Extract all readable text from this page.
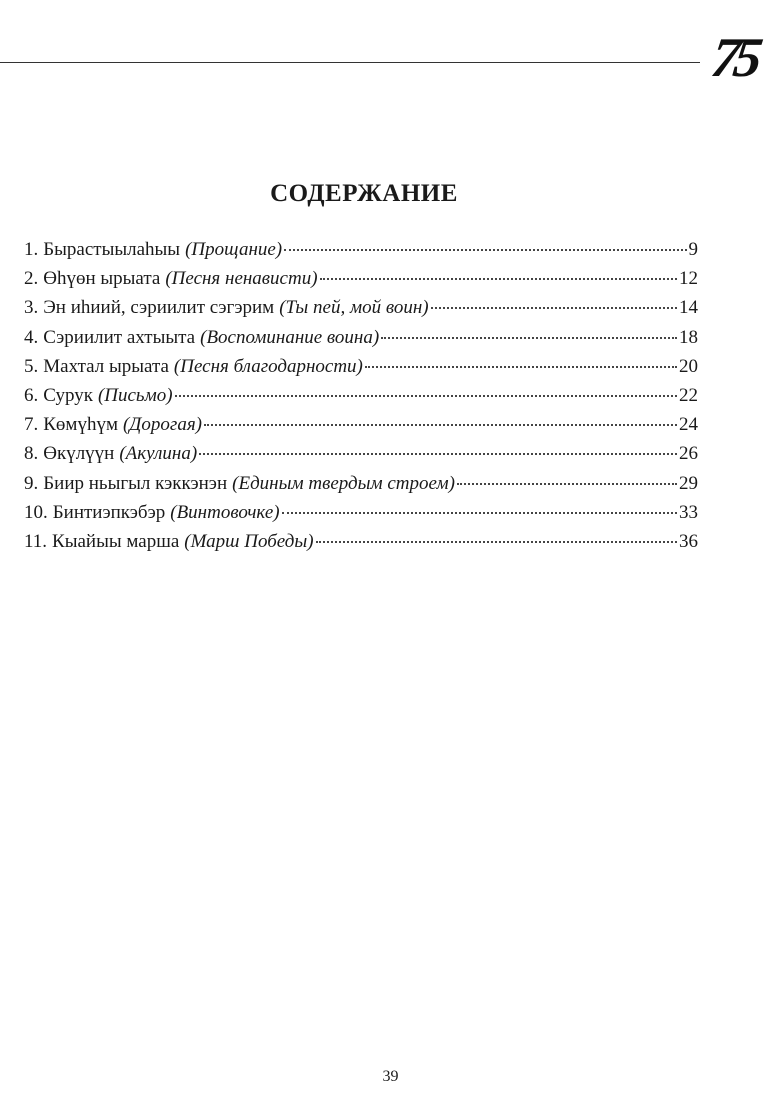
75
СОДЕРЖАНИЕ
1. Бырастыылаhыы (Прощание)	9
2. Өhүөн ырыата (Песня ненависти)	12
3. Эн иhиий, сэриилит сэгэрим (Ты пей, мой воин)	14
4. Сэриилит ахтыыта (Воспоминание воина)	18
5. Махтал ырыата (Песня благодарности)	20
6. Сурук (Письмо)	22
7. Көмүhүм (Дорогая)	24
8. Өкүлүүн (Акулина)	26
9. Биир ньыгыл кэккэнэн (Единым твердым строем)	29
10. Бинтиэпкэбэр (Винтовочке)	33
11. Кыайыы марша (Марш Победы)	36
39
